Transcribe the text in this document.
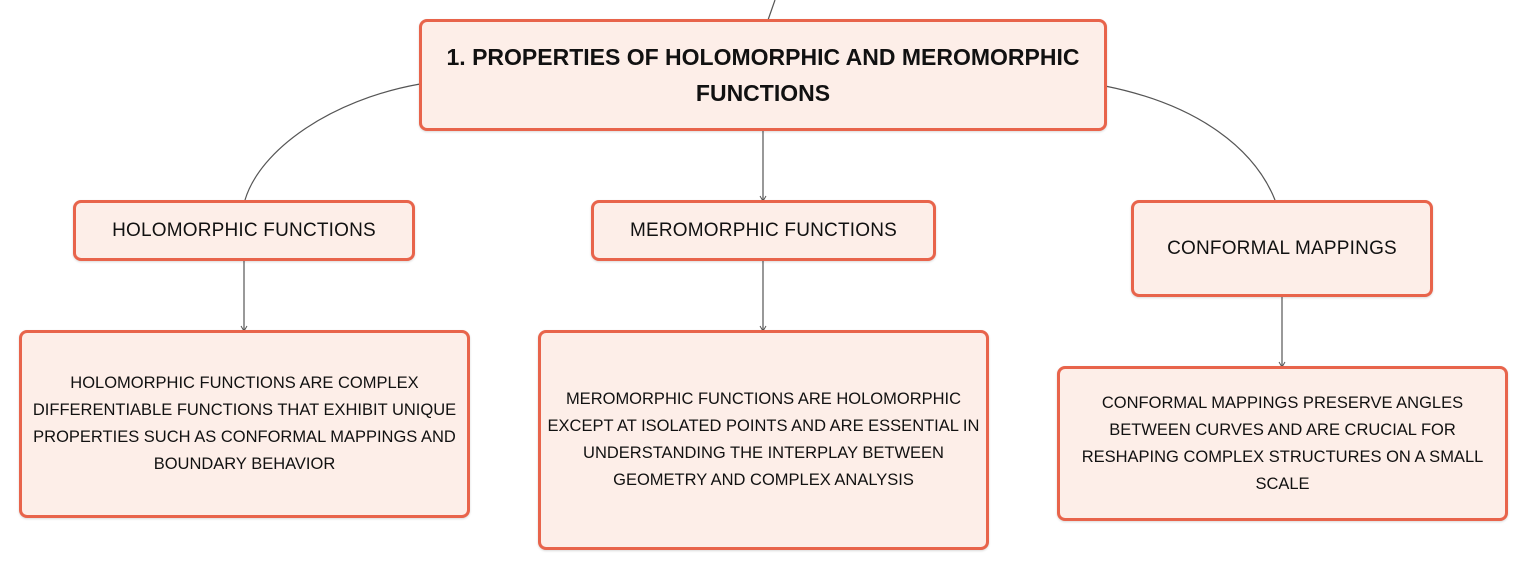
1. PROPERTIES OF HOLOMORPHIC AND MEROMORPHIC FUNCTIONS
HOLOMORPHIC FUNCTIONS	MEROMORPHIC FUNCTIONS
CONFORMAL MAPPINGS
HOLOMORPHIC FUNCTIONS ARE COMPLEX DIFFERENTIABLE FUNCTIONS THAT EXHIBIT UNIQUE PROPERTIES SUCH AS CONFORMAL MAPPINGS AND BOUNDARY BEHAVIOR
MEROMORPHIC FUNCTIONS ARE HOLOMORPHIC EXCEPT AT ISOLATED POINTS AND ARE ESSENTIAL IN UNDERSTANDING THE INTERPLAY BETWEEN GEOMETRY AND COMPLEX ANALYSIS
CONFORMAL MAPPINGS PRESERVE ANGLES BETWEEN CURVES AND ARE CRUCIAL FOR RESHAPING COMPLEX STRUCTURES ON A SMALL SCALE
